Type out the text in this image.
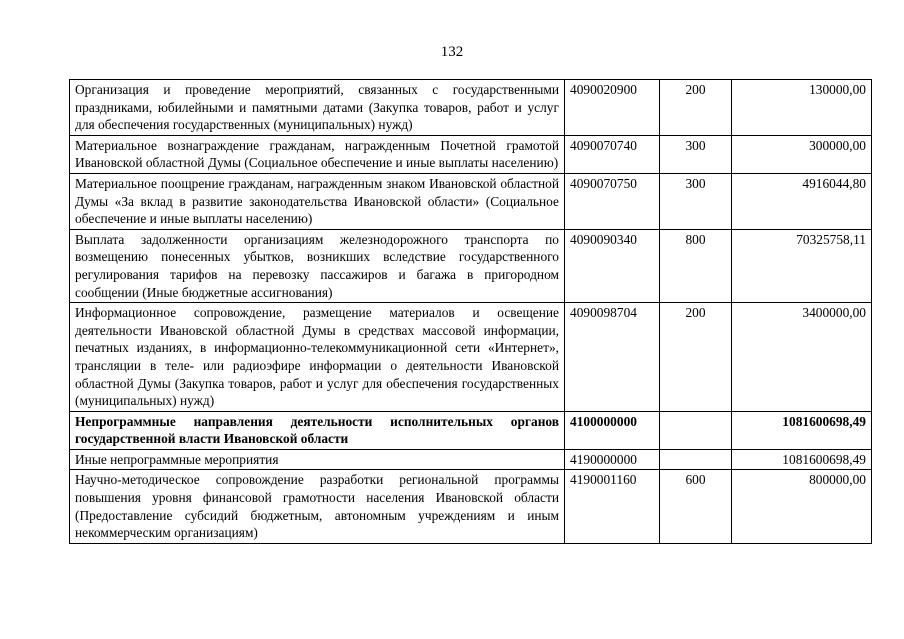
132
Организация и проведение мероприятий, связанных с государственными праздниками, юбилейными и памятными датами (Закупка товаров, работ и услуг для обеспечения государственных (муниципальных) нужд)	4090020900	200	130000,00
Материальное вознаграждение гражданам, награжденным Почетной грамотой Ивановской областной Думы (Социальное обеспечение и иные выплаты населению)	4090070740	300	300000,00
Материальное поощрение гражданам, награжденным знаком Ивановской областной Думы «За вклад в развитие законодательства Ивановской области» (Социальное обеспечение и иные выплаты населению)	4090070750	300	4916044,80
Выплата задолженности организациям железнодорожного транспорта по возмещению понесенных убытков, возникших вследствие государственного регулирования тарифов на перевозку пассажиров и багажа в пригородном сообщении (Иные бюджетные ассигнования)	4090090340	800	70325758,11
Информационное сопровождение, размещение материалов и освещение деятельности Ивановской областной Думы в средствах массовой информации, печатных изданиях, в информационно-телекоммуникационной сети «Интернет», трансляции в теле- или радиоэфире информации о деятельности Ивановской областной Думы (Закупка товаров, работ и услуг для обеспечения государственных (муниципальных) нужд)	4090098704	200	3400000,00
Непрограммные направления деятельности исполнительных органов государственной власти Ивановской области	4100000000		1081600698,49
Иные непрограммные мероприятия	4190000000		1081600698,49
Научно-методическое сопровождение разработки региональной программы повышения уровня финансовой грамотности населения Ивановской области (Предоставление субсидий бюджетным, автономным учреждениям и иным некоммерческим организациям)	4190001160	600	800000,00
